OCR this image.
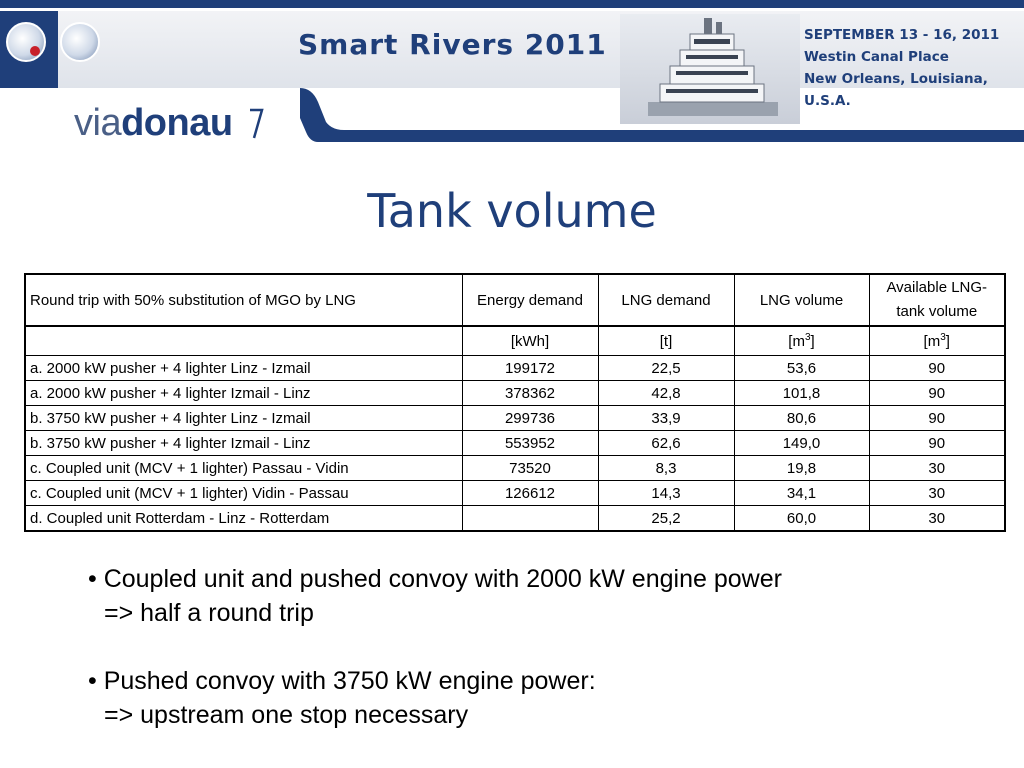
Smart Rivers 2011	SEPTEMBER 13 - 16, 2011
Westin Canal Place
New Orleans, Louisiana, U.S.A.
viadonau
Tank volume
Round trip with 50% substitution of MGO by LNG	Energy demand	LNG demand	LNG volume	Available LNG-tank volume
	[kWh]	[t]	$[m^3]$	$[m^3]$
a. 2000 kW pusher + 4 lighter Linz - Izmail	199172	22,5	53,6	90
a. 2000 kW pusher + 4 lighter Izmail - Linz	378362	42,8	101,8	90
b. 3750 kW pusher + 4 lighter Linz - Izmail	299736	33,9	80,6	90
b. 3750 kW pusher + 4 lighter Izmail - Linz	553952	62,6	149,0	90
c. Coupled unit (MCV + 1 lighter) Passau - Vidin	73520	8,3	19,8	30
c. Coupled unit (MCV + 1 lighter) Vidin - Passau	126612	14,3	34,1	30
d. Coupled unit Rotterdam - Linz - Rotterdam		25,2	60,0	30
• Coupled unit and pushed convoy with 2000 kW engine power
=> half a round trip
• Pushed convoy with 3750 kW engine power:
=> upstream one stop necessary
